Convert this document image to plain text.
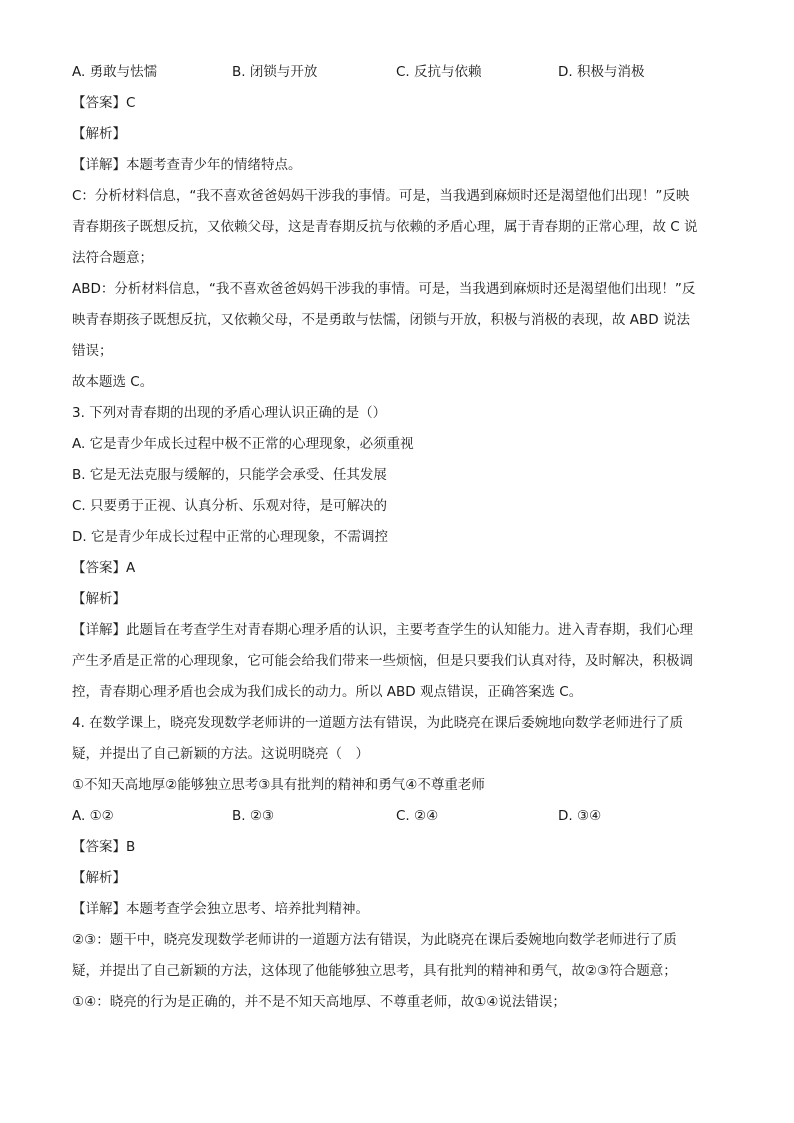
A. 勇敢与怯懦	B. 闭锁与开放	C. 反抗与依赖	D. 积极与消极

【答案】C

【解析】

【详解】本题考查青少年的情绪特点。

C：分析材料信息，“我不喜欢爸爸妈妈干涉我的事情。可是，当我遇到麻烦时还是渴望他们出现！”反映

青春期孩子既想反抗，又依赖父母，这是青春期反抗与依赖的矛盾心理，属于青春期的正常心理，故 C 说

法符合题意；

ABD：分析材料信息，“我不喜欢爸爸妈妈干涉我的事情。可是，当我遇到麻烦时还是渴望他们出现！”反

映青春期孩子既想反抗，又依赖父母，不是勇敢与怯懦，闭锁与开放，积极与消极的表现，故 ABD 说法

错误；

故本题选 C。

3. 下列对青春期的出现的矛盾心理认识正确的是（）

A. 它是青少年成长过程中极不正常的心理现象，必须重视

B. 它是无法克服与缓解的，只能学会承受、任其发展

C. 只要勇于正视、认真分析、乐观对待，是可解决的

D. 它是青少年成长过程中正常的心理现象，不需调控

【答案】A

【解析】

【详解】此题旨在考查学生对青春期心理矛盾的认识，主要考查学生的认知能力。进入青春期，我们心理

产生矛盾是正常的心理现象，它可能会给我们带来一些烦恼，但是只要我们认真对待，及时解决，积极调

控，青春期心理矛盾也会成为我们成长的动力。所以 ABD 观点错误，正确答案选 C。

4. 在数学课上，晓亮发现数学老师讲的一道题方法有错误，为此晓亮在课后委婉地向数学老师进行了质

疑，并提出了自己新颖的方法。这说明晓亮（　）

①不知天高地厚②能够独立思考③具有批判的精神和勇气④不尊重老师

A. ①②	B. ②③	C. ②④	D. ③④

【答案】B

【解析】

【详解】本题考查学会独立思考、培养批判精神。

②③：题干中，晓亮发现数学老师讲的一道题方法有错误，为此晓亮在课后委婉地向数学老师进行了质

疑，并提出了自己新颖的方法，这体现了他能够独立思考，具有批判的精神和勇气，故②③符合题意；

①④：晓亮的行为是正确的，并不是不知天高地厚、不尊重老师，故①④说法错误；
